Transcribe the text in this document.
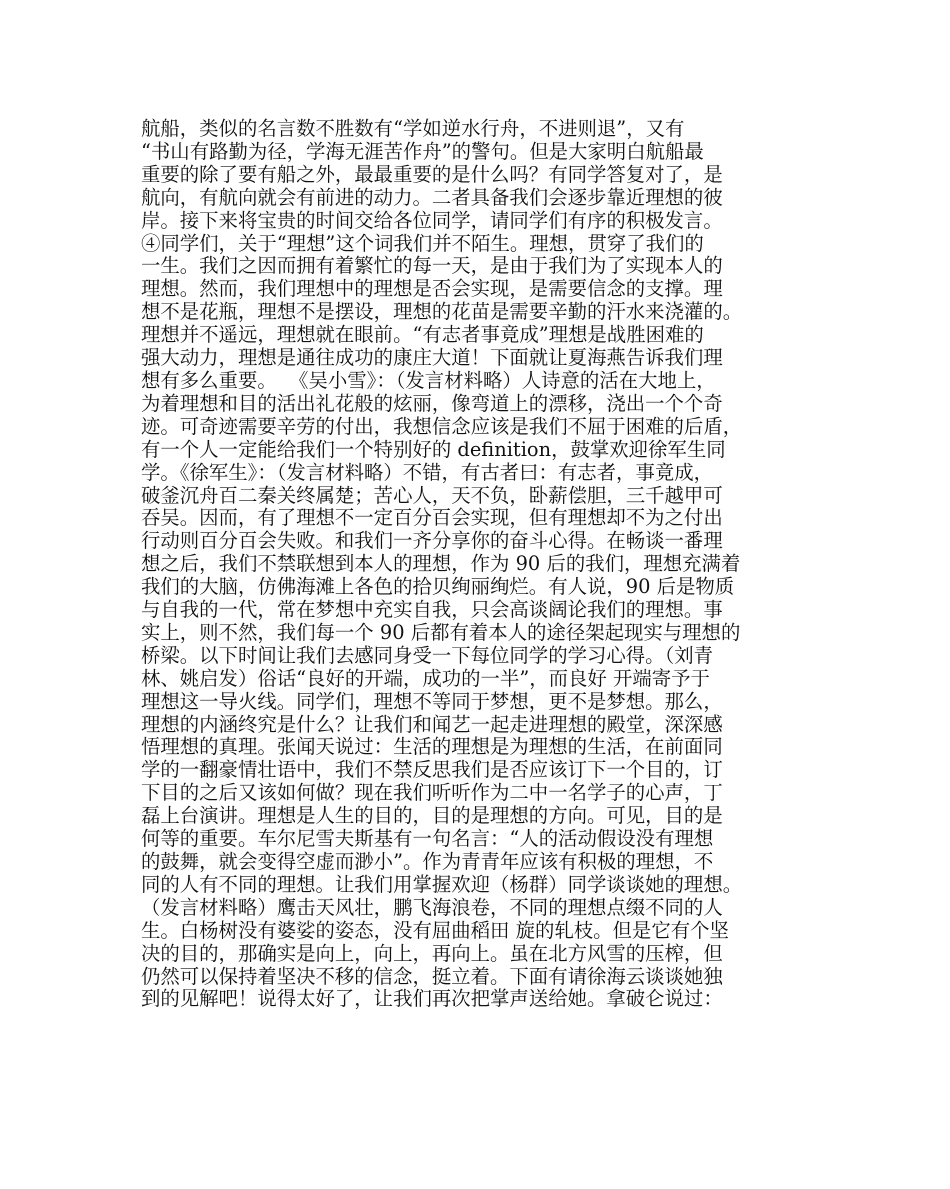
航船，类似的名言数不胜数有“学如逆水行舟，不进则退”，又有
“书山有路勤为径，学海无涯苦作舟”的警句。但是大家明白航船最
重要的除了要有船之外，最最重要的是什么吗？有同学答复对了，是
航向，有航向就会有前进的动力。二者具备我们会逐步靠近理想的彼
岸。接下来将宝贵的时间交给各位同学，请同学们有序的积极发言。
④同学们，关于“理想”这个词我们并不陌生。理想，贯穿了我们的
一生。我们之因而拥有着繁忙的每一天，是由于我们为了实现本人的
理想。然而，我们理想中的理想是否会实现，是需要信念的支撑。理
想不是花瓶，理想不是摆设，理想的花苗是需要辛勤的汗水来浇灌的。
理想并不遥远，理想就在眼前。“有志者事竟成”理想是战胜困难的
强大动力，理想是通往成功的康庄大道！下面就让夏海燕告诉我们理
想有多么重要。  《吴小雪》：（发言材料略）人诗意的活在大地上，
为着理想和目的活出礼花般的炫丽，像弯道上的漂移，浇出一个个奇
迹。可奇迹需要辛劳的付出，我想信念应该是我们不屈于困难的后盾，
有一个人一定能给我们一个特别好的 definition，鼓掌欢迎徐军生同
学。《徐军生》：（发言材料略）不错，有古者曰：有志者，事竟成，
破釜沉舟百二秦关终属楚；苦心人，天不负，卧薪偿胆，三千越甲可
吞吴。因而，有了理想不一定百分百会实现，但有理想却不为之付出
行动则百分百会失败。和我们一齐分享你的奋斗心得。在畅谈一番理
想之后，我们不禁联想到本人的理想，作为 90 后的我们，理想充满着
我们的大脑，仿佛海滩上各色的拾贝绚丽绚烂。有人说，90 后是物质
与自我的一代，常在梦想中充实自我，只会高谈阔论我们的理想。事
实上，则不然，我们每一个 90 后都有着本人的途径架起现实与理想的
桥梁。以下时间让我们去感同身受一下每位同学的学习心得。（刘青
林、姚启发）俗话“良好的开端，成功的一半”，而良好 开端寄予于
理想这一导火线。同学们，理想不等同于梦想，更不是梦想。那么，
理想的内涵终究是什么？让我们和闻艺一起走进理想的殿堂，深深感
悟理想的真理。张闻天说过：生活的理想是为理想的生活，在前面同
学的一翻豪情壮语中，我们不禁反思我们是否应该订下一个目的，订
下目的之后又该如何做？现在我们听听作为二中一名学子的心声，丁
磊上台演讲。理想是人生的目的，目的是理想的方向。可见，目的是
何等的重要。车尔尼雪夫斯基有一句名言：“人的活动假设没有理想
的鼓舞，就会变得空虚而渺小”。作为青青年应该有积极的理想，不
同的人有不同的理想。让我们用掌握欢迎（杨群）同学谈谈她的理想。
（发言材料略）鹰击天风壮，鹏飞海浪卷，不同的理想点缀不同的人
生。白杨树没有婆娑的姿态，没有屈曲稻田 旋的轧枝。但是它有个坚
决的目的，那确实是向上，向上，再向上。虽在北方风雪的压榨，但
仍然可以保持着坚决不移的信念，挺立着。下面有请徐海云谈谈她独
到的见解吧！说得太好了，让我们再次把掌声送给她。拿破仑说过：
